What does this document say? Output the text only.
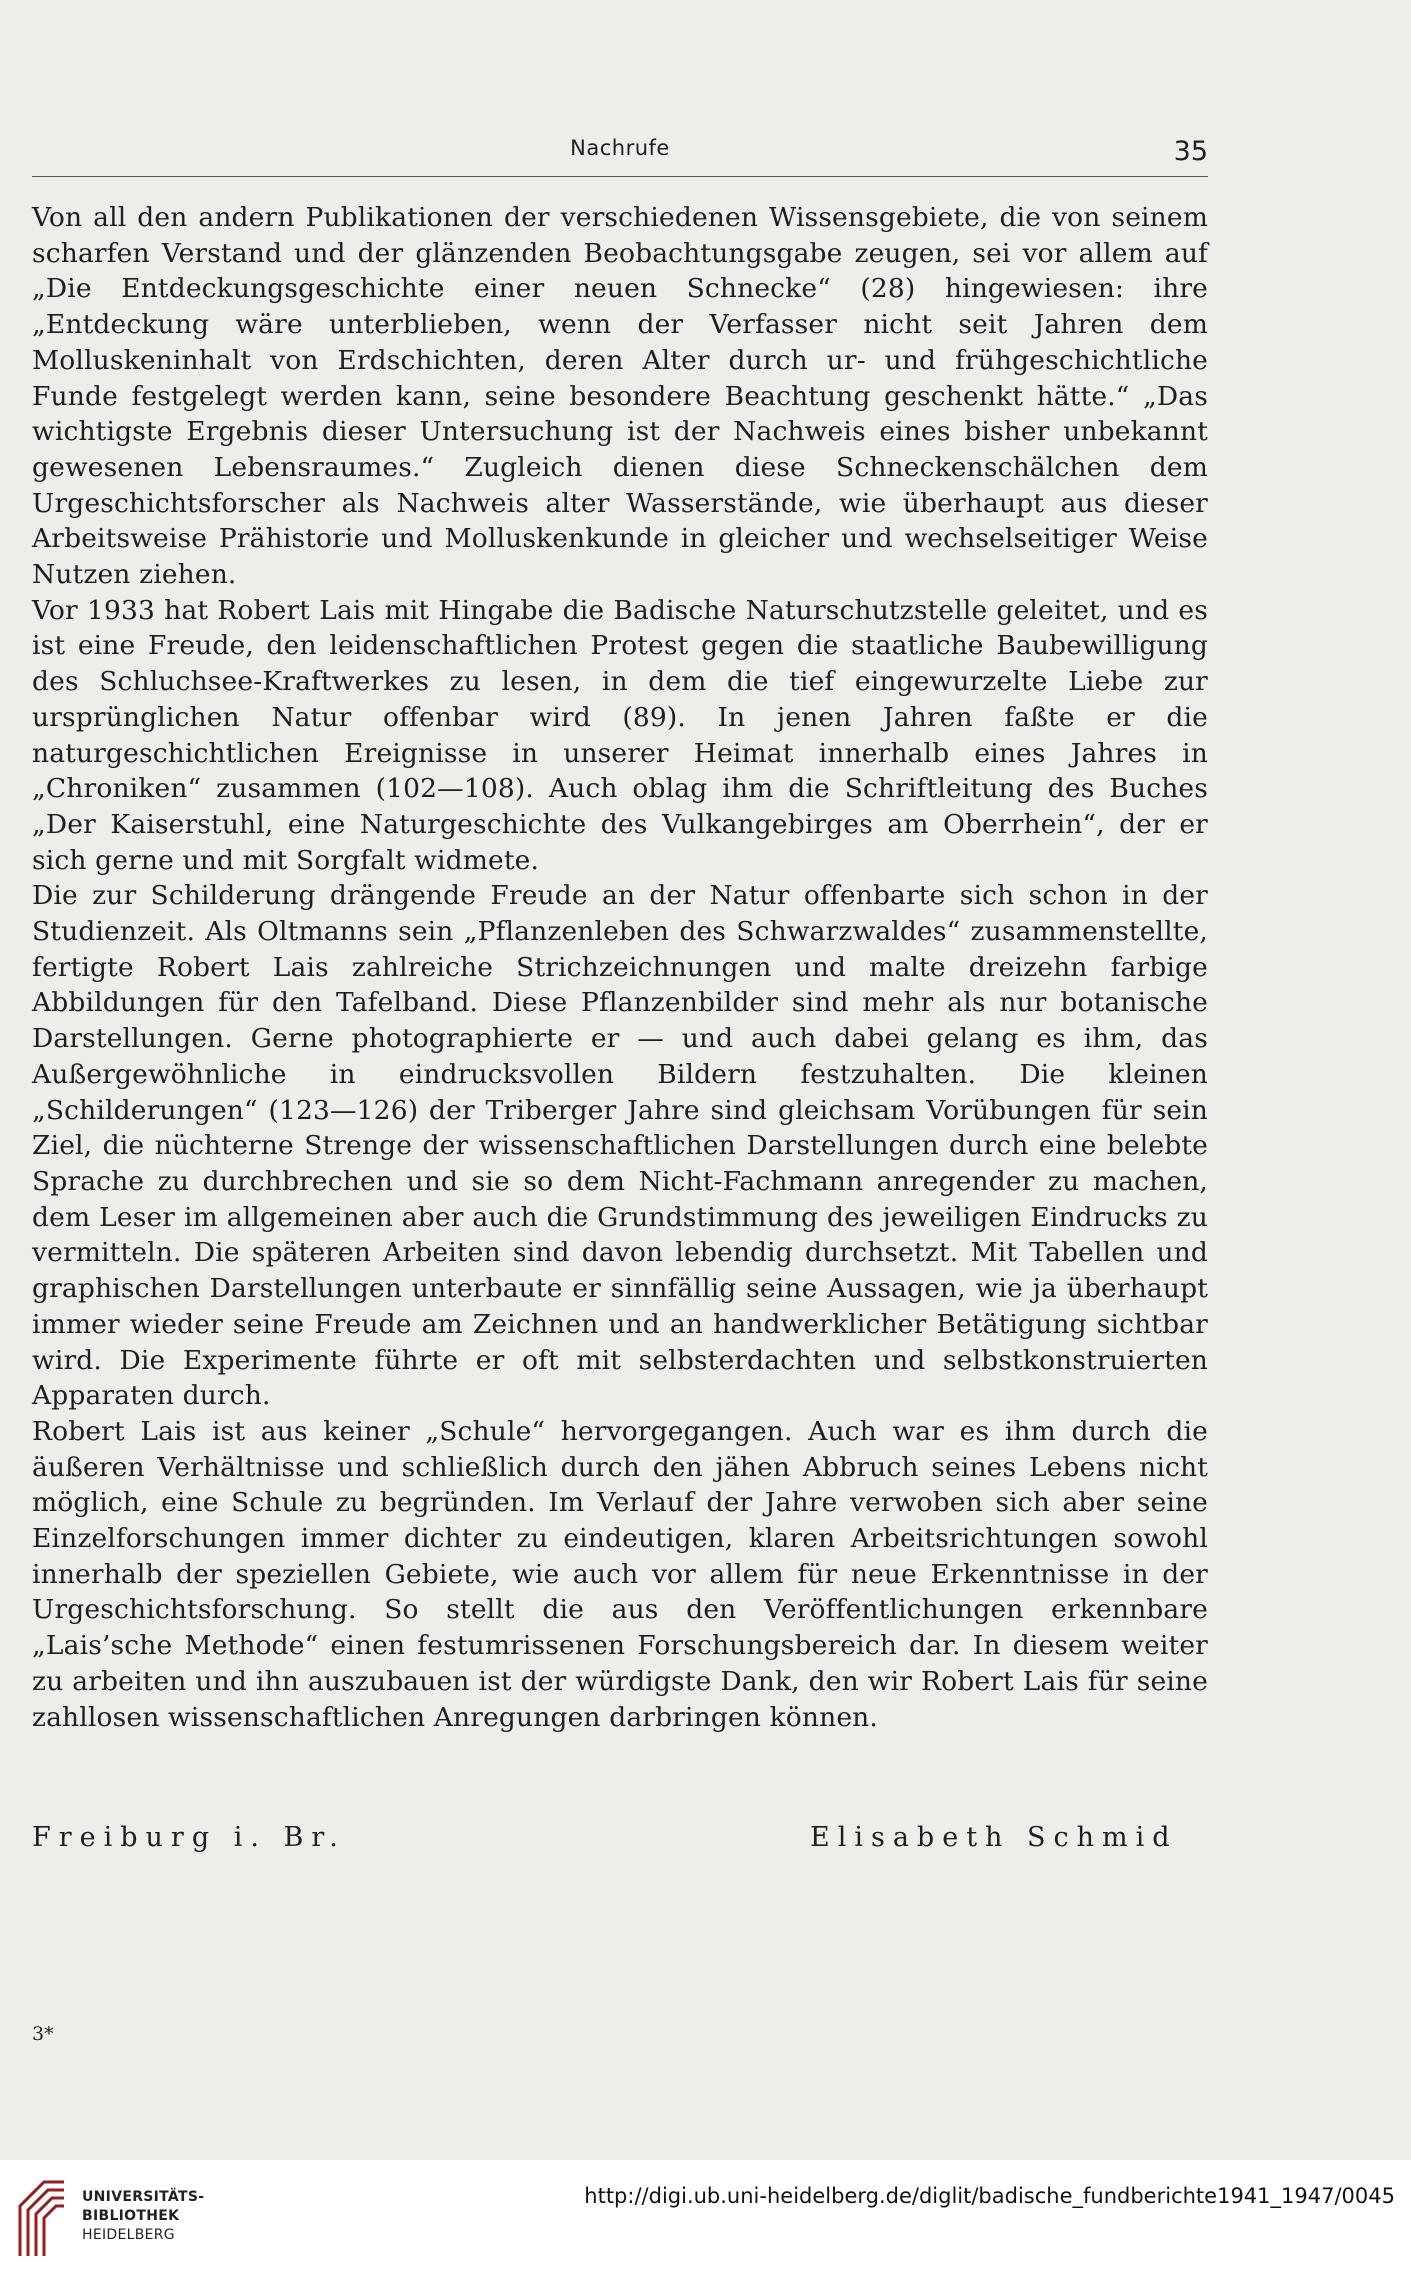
Nachrufe	35

Von all den andern Publikationen der verschiedenen Wissensgebiete, die von seinem scharfen Verstand und der glänzenden Beobachtungsgabe zeugen, sei vor allem auf „Die Entdeckungsgeschichte einer neuen Schnecke“ (28) hingewiesen: ihre „Entdeckung wäre unterblieben, wenn der Verfasser nicht seit Jahren dem Molluskeninhalt von Erdschichten, deren Alter durch ur- und frühgeschichtliche Funde festgelegt werden kann, seine besondere Beachtung geschenkt hätte.“ „Das wichtigste Ergebnis dieser Untersuchung ist der Nachweis eines bisher unbekannt gewesenen Lebensraumes.“ Zugleich dienen diese Schneckenschälchen dem Urgeschichtsforscher als Nachweis alter Wasserstände, wie überhaupt aus dieser Arbeitsweise Prähistorie und Molluskenkunde in gleicher und wechselseitiger Weise Nutzen ziehen.

Vor 1933 hat Robert Lais mit Hingabe die Badische Naturschutzstelle geleitet, und es ist eine Freude, den leidenschaftlichen Protest gegen die staatliche Baubewilligung des Schluchsee-Kraftwerkes zu lesen, in dem die tief eingewurzelte Liebe zur ursprünglichen Natur offenbar wird (89). In jenen Jahren faßte er die naturgeschichtlichen Ereignisse in unserer Heimat innerhalb eines Jahres in „Chroniken“ zusammen (102—108). Auch oblag ihm die Schriftleitung des Buches „Der Kaiserstuhl, eine Naturgeschichte des Vulkangebirges am Oberrhein“, der er sich gerne und mit Sorgfalt widmete.

Die zur Schilderung drängende Freude an der Natur offenbarte sich schon in der Studienzeit. Als Oltmanns sein „Pflanzenleben des Schwarzwaldes“ zusammenstellte, fertigte Robert Lais zahlreiche Strichzeichnungen und malte dreizehn farbige Abbildungen für den Tafelband. Diese Pflanzenbilder sind mehr als nur botanische Darstellungen. Gerne photographierte er — und auch dabei gelang es ihm, das Außergewöhnliche in eindrucksvollen Bildern festzuhalten. Die kleinen „Schilderungen“ (123—126) der Triberger Jahre sind gleichsam Vorübungen für sein Ziel, die nüchterne Strenge der wissenschaftlichen Darstellungen durch eine belebte Sprache zu durchbrechen und sie so dem Nicht-Fachmann anregender zu machen, dem Leser im allgemeinen aber auch die Grundstimmung des jeweiligen Eindrucks zu vermitteln. Die späteren Arbeiten sind davon lebendig durchsetzt. Mit Tabellen und graphischen Darstellungen unterbaute er sinnfällig seine Aussagen, wie ja überhaupt immer wieder seine Freude am Zeichnen und an handwerklicher Betätigung sichtbar wird. Die Experimente führte er oft mit selbsterdachten und selbstkonstruierten Apparaten durch.

Robert Lais ist aus keiner „Schule“ hervorgegangen. Auch war es ihm durch die äußeren Verhältnisse und schließlich durch den jähen Abbruch seines Lebens nicht möglich, eine Schule zu begründen. Im Verlauf der Jahre verwoben sich aber seine Einzelforschungen immer dichter zu eindeutigen, klaren Arbeitsrichtungen sowohl innerhalb der speziellen Gebiete, wie auch vor allem für neue Erkenntnisse in der Urgeschichtsforschung. So stellt die aus den Veröffentlichungen erkennbare „Lais’sche Methode“ einen festumrissenen Forschungsbereich dar. In diesem weiter zu arbeiten und ihn auszubauen ist der würdigste Dank, den wir Robert Lais für seine zahllosen wissenschaftlichen Anregungen darbringen können.

Freiburg i. Br.	Elisabeth Schmid
3*
UNIVERSITÄTS-
BIBLIOTHEK
HEIDELBERG
http://digi.ub.uni-heidelberg.de/diglit/badische_fundberichte1941_1947/0045
